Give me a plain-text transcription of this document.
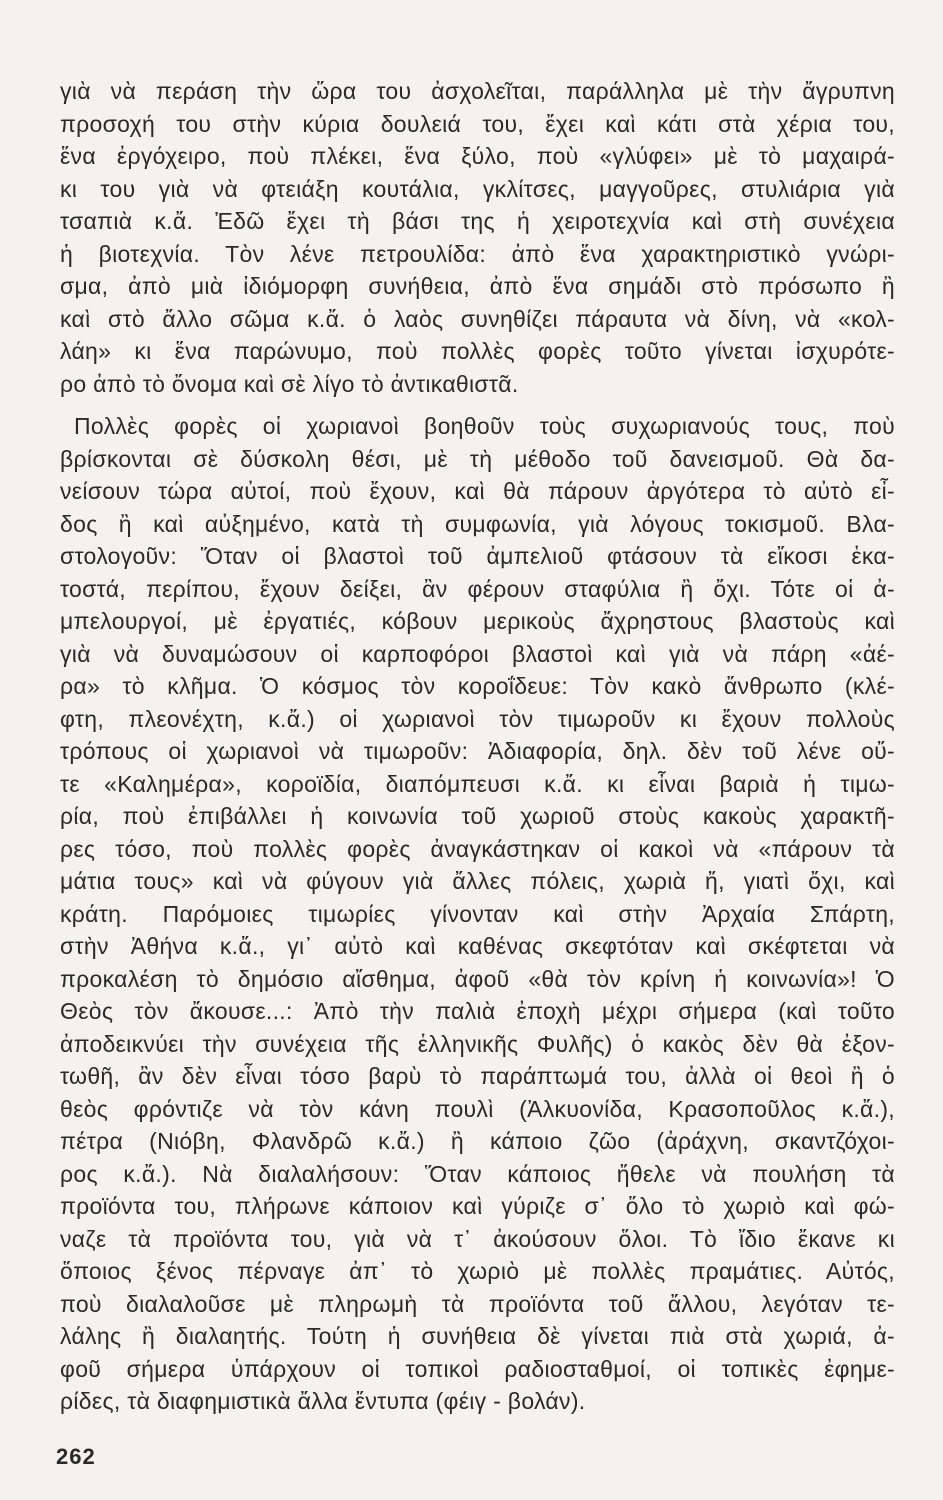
γιὰ νὰ περάση τὴν ὥρα του ἀσχολεῖται, παράλληλα μὲ τὴν ἄγρυπνη
προσοχή του στὴν κύρια δουλειά του, ἔχει καὶ κάτι στὰ χέρια του,
ἕνα ἐργόχειρο, ποὺ πλέκει, ἕνα ξύλο, ποὺ «γλύφει» μὲ τὸ μαχαιρά-
κι του γιὰ νὰ φτειάξη κουτάλια, γκλίτσες, μαγγοῦρες, στυλιάρια γιὰ
τσαπιὰ κ.ἄ. Ἐδῶ ἔχει τὴ βάσι της ἡ χειροτεχνία καὶ στὴ συνέχεια
ἡ βιοτεχνία. Τὸν λένε πετρουλίδα: ἀπὸ ἕνα χαρακτηριστικὸ γνώρι-
σμα, ἀπὸ μιὰ ἰδιόμορφη συνήθεια, ἀπὸ ἕνα σημάδι στὸ πρόσωπο ἢ
καὶ στὸ ἄλλο σῶμα κ.ἄ. ὁ λαὸς συνηθίζει πάραυτα νὰ δίνη, νὰ «κολ-
λάη» κι ἕνα παρώνυμο, ποὺ πολλὲς φορὲς τοῦτο γίνεται ἰσχυρότε-
ρο ἀπὸ τὸ ὄνομα καὶ σὲ λίγο τὸ ἀντικαθιστᾶ.
Πολλὲς φορὲς οἱ χωριανοὶ βοηθοῦν τοὺς συχωριανούς τους, ποὺ
βρίσκονται σὲ δύσκολη θέσι, μὲ τὴ μέθοδο τοῦ δανεισμοῦ. Θὰ δα-
νείσουν τώρα αὐτοί, ποὺ ἔχουν, καὶ θὰ πάρουν ἀργότερα τὸ αὐτὸ εἶ-
δος ἢ καὶ αὐξημένο, κατὰ τὴ συμφωνία, γιὰ λόγους τοκισμοῦ. Βλα-
στολογοῦν: Ὅταν οἱ βλαστοὶ τοῦ ἀμπελιοῦ φτάσουν τὰ εἴκοσι ἑκα-
τοστά, περίπου, ἔχουν δείξει, ἂν φέρουν σταφύλια ἢ ὄχι. Τότε οἱ ἀ-
μπελουργοί, μὲ ἐργατιές, κόβουν μερικοὺς ἄχρηστους βλαστοὺς καὶ
γιὰ νὰ δυναμώσουν οἱ καρποφόροι βλαστοὶ καὶ γιὰ νὰ πάρη «ἀέ-
ρα» τὸ κλῆμα. Ὁ κόσμος τὸν κοροΐδευε: Τὸν κακὸ ἄνθρωπο (κλέ-
φτη, πλεονέχτη, κ.ἄ.) οἱ χωριανοὶ τὸν τιμωροῦν κι ἔχουν πολλοὺς
τρόπους οἱ χωριανοὶ νὰ τιμωροῦν: Ἀδιαφορία, δηλ. δὲν τοῦ λένε οὔ-
τε «Καλημέρα», κοροϊδία, διαπόμπευσι κ.ἄ. κι εἶναι βαριὰ ἡ τιμω-
ρία, ποὺ ἐπιβάλλει ἡ κοινωνία τοῦ χωριοῦ στοὺς κακοὺς χαρακτῆ-
ρες τόσο, ποὺ πολλὲς φορὲς ἀναγκάστηκαν οἱ κακοὶ νὰ «πάρουν τὰ
μάτια τους» καὶ νὰ φύγουν γιὰ ἄλλες πόλεις, χωριὰ ἤ, γιατὶ ὄχι, καὶ
κράτη. Παρόμοιες τιμωρίες γίνονταν καὶ στὴν Ἀρχαία Σπάρτη,
στὴν Ἀθήνα κ.ἄ., γι᾽ αὐτὸ καὶ καθένας σκεφτόταν καὶ σκέφτεται νὰ
προκαλέση τὸ δημόσιο αἴσθημα, ἀφοῦ «θὰ τὸν κρίνη ἡ κοινωνία»! Ὁ
Θεὸς τὸν ἄκουσε...: Ἀπὸ τὴν παλιὰ ἐποχὴ μέχρι σήμερα (καὶ τοῦτο
ἀποδεικνύει τὴν συνέχεια τῆς ἑλληνικῆς Φυλῆς) ὁ κακὸς δὲν θὰ ἐξον-
τωθῆ, ἂν δὲν εἶναι τόσο βαρὺ τὸ παράπτωμά του, ἀλλὰ οἱ θεοὶ ἢ ὁ
θεὸς φρόντιζε νὰ τὸν κάνη πουλὶ (Ἀλκυονίδα, Κρασοποῦλος κ.ἄ.),
πέτρα (Νιόβη, Φλανδρῶ κ.ἄ.) ἢ κάποιο ζῶο (ἀράχνη, σκαντζόχοι-
ρος κ.ἄ.). Νὰ διαλαλήσουν: Ὅταν κάποιος ἤθελε νὰ πουλήση τὰ
προϊόντα του, πλήρωνε κάποιον καὶ γύριζε σ᾽ ὅλο τὸ χωριὸ καὶ φώ-
ναζε τὰ προϊόντα του, γιὰ νὰ τ᾽ ἀκούσουν ὅλοι. Τὸ ἴδιο ἔκανε κι
ὅποιος ξένος πέρναγε ἀπ᾽ τὸ χωριὸ μὲ πολλὲς πραμάτιες. Αὐτός,
ποὺ διαλαλοῦσε μὲ πληρωμὴ τὰ προϊόντα τοῦ ἄλλου, λεγόταν τε-
λάλης ἢ διαλαητής. Τούτη ἡ συνήθεια δὲ γίνεται πιὰ στὰ χωριά, ἀ-
φοῦ σήμερα ὑπάρχουν οἱ τοπικοὶ ραδιοσταθμοί, οἱ τοπικὲς ἐφημε-
ρίδες, τὰ διαφημιστικὰ ἄλλα ἔντυπα (φέιγ - βολάν).
262
